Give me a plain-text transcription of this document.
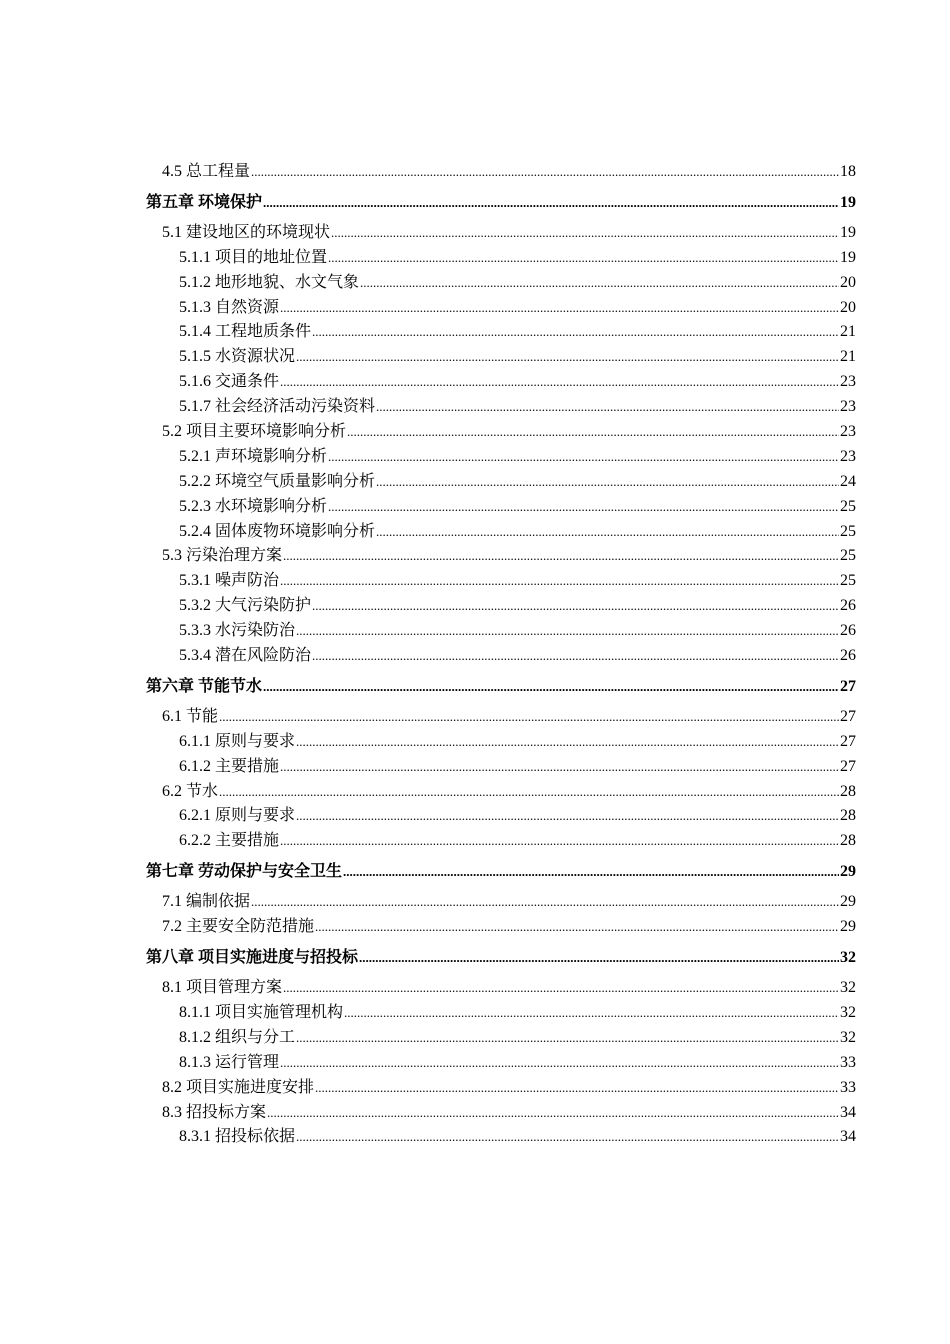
4.5 总工程量 .....	18
第五章 环境保护 .....	19
5.1 建设地区的环境现状 .....	19
5.1.1 项目的地址位置 .....	19
5.1.2 地形地貌、水文气象 .....	20
5.1.3 自然资源 .....	20
5.1.4 工程地质条件 .....	21
5.1.5 水资源状况 .....	21
5.1.6 交通条件 .....	23
5.1.7 社会经济活动污染资料 .....	23
5.2 项目主要环境影响分析 .....	23
5.2.1 声环境影响分析 .....	23
5.2.2 环境空气质量影响分析 .....	24
5.2.3 水环境影响分析 .....	25
5.2.4 固体废物环境影响分析 .....	25
5.3 污染治理方案 .....	25
5.3.1 噪声防治 .....	25
5.3.2 大气污染防护 .....	26
5.3.3 水污染防治 .....	26
5.3.4 潜在风险防治 .....	26
第六章 节能节水 .....	27
6.1 节能 .....	27
6.1.1 原则与要求 .....	27
6.1.2 主要措施 .....	27
6.2 节水 .....	28
6.2.1 原则与要求 .....	28
6.2.2 主要措施 .....	28
第七章 劳动保护与安全卫生 .....	29
7.1 编制依据 .....	29
7.2 主要安全防范措施 .....	29
第八章 项目实施进度与招投标 .....	32
8.1 项目管理方案 .....	32
8.1.1 项目实施管理机构 .....	32
8.1.2 组织与分工 .....	32
8.1.3 运行管理 .....	33
8.2 项目实施进度安排 .....	33
8.3 招投标方案 .....	34
8.3.1 招投标依据 .....	34
